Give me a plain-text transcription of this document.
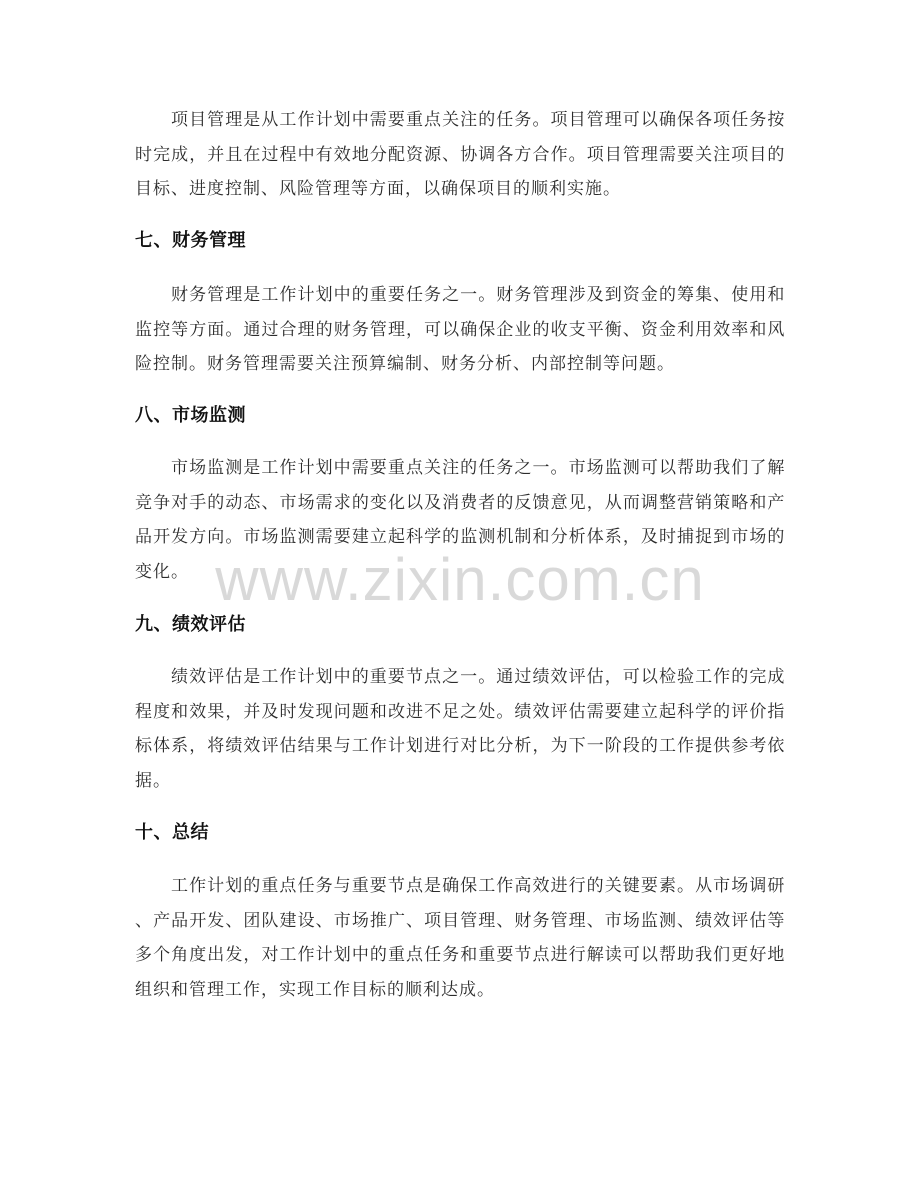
项目管理是从工作计划中需要重点关注的任务。项目管理可以确保各项任务按
时完成，并且在过程中有效地分配资源、协调各方合作。项目管理需要关注项目的
目标、进度控制、风险管理等方面，以确保项目的顺利实施。
七、财务管理
财务管理是工作计划中的重要任务之一。财务管理涉及到资金的筹集、使用和
监控等方面。通过合理的财务管理，可以确保企业的收支平衡、资金利用效率和风
险控制。财务管理需要关注预算编制、财务分析、内部控制等问题。
八、市场监测
市场监测是工作计划中需要重点关注的任务之一。市场监测可以帮助我们了解
竞争对手的动态、市场需求的变化以及消费者的反馈意见，从而调整营销策略和产
品开发方向。市场监测需要建立起科学的监测机制和分析体系，及时捕捉到市场的
变化。
九、绩效评估
绩效评估是工作计划中的重要节点之一。通过绩效评估，可以检验工作的完成
程度和效果，并及时发现问题和改进不足之处。绩效评估需要建立起科学的评价指
标体系，将绩效评估结果与工作计划进行对比分析，为下一阶段的工作提供参考依
据。
十、总结
工作计划的重点任务与重要节点是确保工作高效进行的关键要素。从市场调研
、产品开发、团队建设、市场推广、项目管理、财务管理、市场监测、绩效评估等
多个角度出发，对工作计划中的重点任务和重要节点进行解读可以帮助我们更好地
组织和管理工作，实现工作目标的顺利达成。
www.zixin.com.cn
